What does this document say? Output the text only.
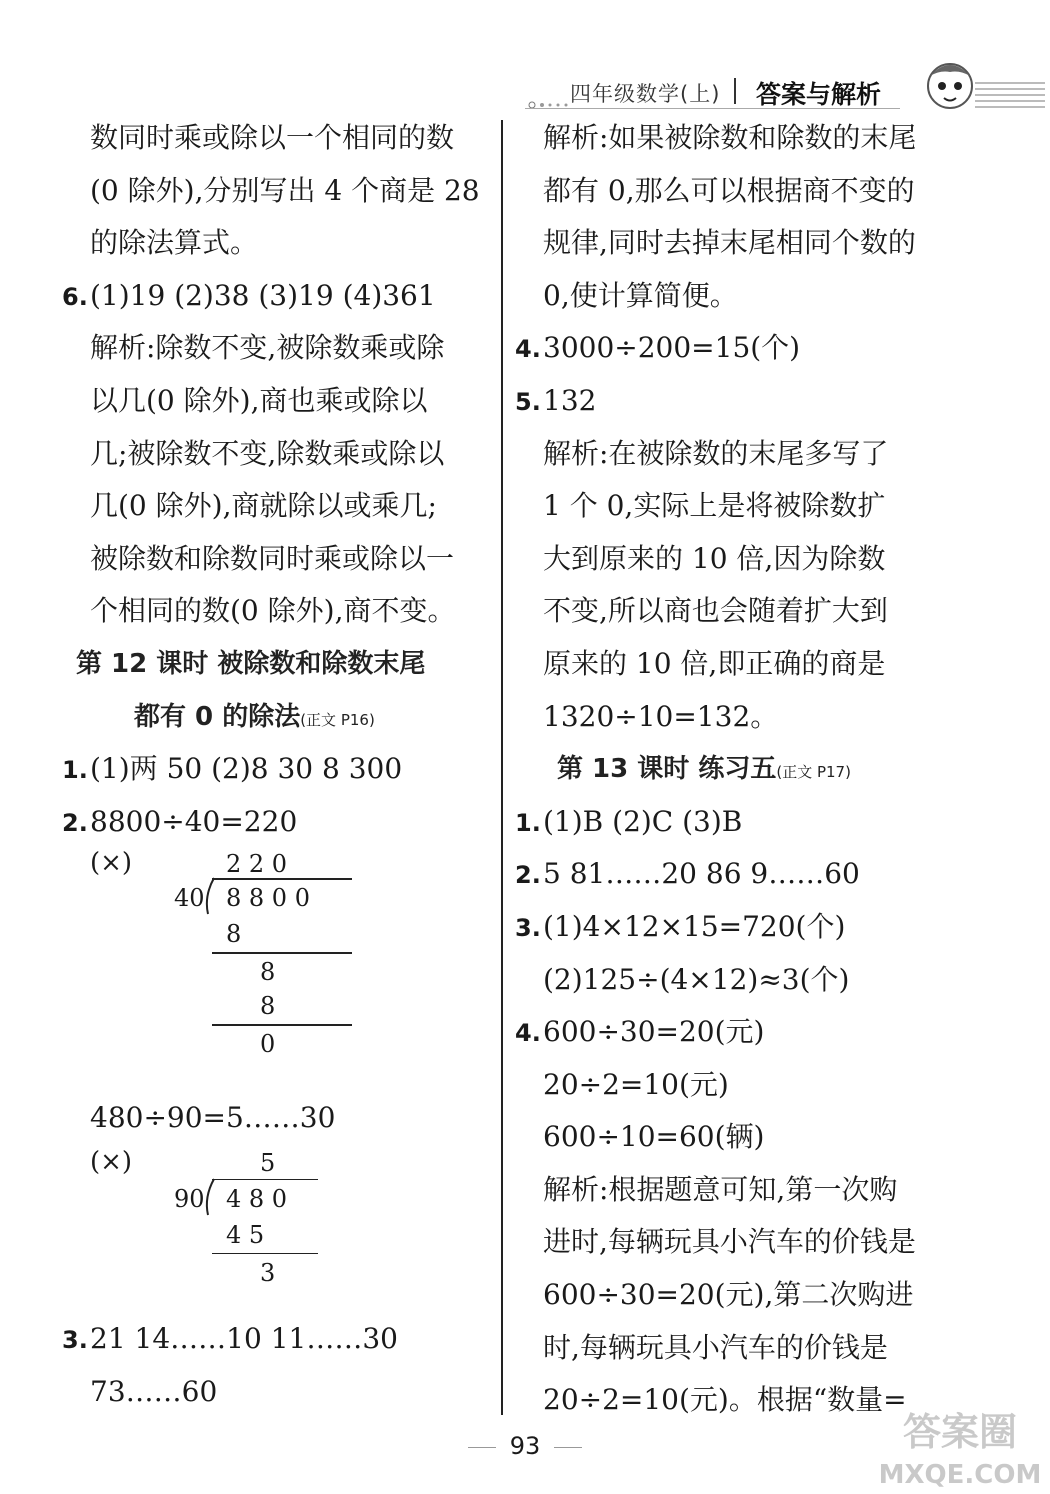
四年级数学(上) 答案与解析
数同时乘或除以一个相同的数
(0 除外),分别写出 4 个商是 28
的除法算式。
6.(1)19 (2)38 (3)19 (4)361
解析:除数不变,被除数乘或除
以几(0 除外),商也乘或除以
几;被除数不变,除数乘或除以
几(0 除外),商就除以或乘几;
被除数和除数同时乘或除以一
个相同的数(0 除外),商不变。
第 12 课时 被除数和除数末尾
都有 0 的除法(正文 P16)
1.(1)两 50 (2)8 30 8 300
2.8800÷40=220
(×)	2 2 0
40 8 8 0 0
8
8
8
0
480÷90=5……30
(×)	5
90 4 8 0
4 5
3
3.21 14……10 11……30
73……60
解析:如果被除数和除数的末尾
都有 0,那么可以根据商不变的
规律,同时去掉末尾相同个数的
0,使计算简便。
4.3000÷200=15(个)
5.132
解析:在被除数的末尾多写了
1 个 0,实际上是将被除数扩
大到原来的 10 倍,因为除数
不变,所以商也会随着扩大到
原来的 10 倍,即正确的商是
1320÷10=132。
第 13 课时 练习五(正文 P17)
1.(1)B (2)C (3)B
2.5 81……20 86 9……60
3.(1)4×12×15=720(个)
(2)125÷(4×12)≈3(个)
4.600÷30=20(元)
20÷2=10(元)
600÷10=60(辆)
解析:根据题意可知,第一次购
进时,每辆玩具小汽车的价钱是
600÷30=20(元),第二次购进
时,每辆玩具小汽车的价钱是
20÷2=10(元)。根据“数量=
93	答案圈
MXQE.COM
